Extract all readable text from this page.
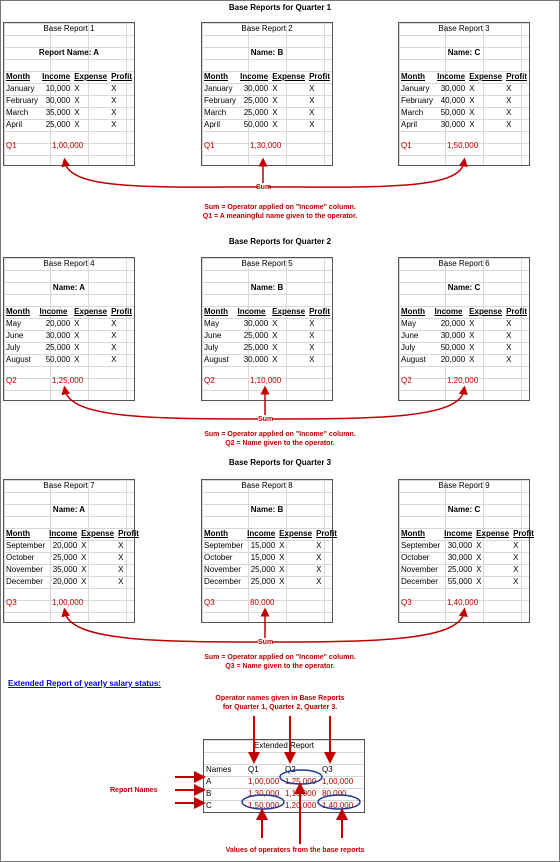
Base Reports for Quarter 1
Base Report 1
Report Name: A
Month	Income	Expense	Profit
January	10,000	X	X
February	30,000	X	X
March	35,000	X	X
April	25,000	X	X
Q1	1,00,000
Base Report 2
Name: B
Month	Income	Expense	Profit
January	30,000	X	X
February	25,000	X	X
March	25,000	X	X
April	50,000	X	X
Q1	1,30,000
Base Report 3
Name: C
Month	Income	Expense	Profit
January	30,000	X	X
February	40,000	X	X
March	50,000	X	X
April	30,000	X	X
Q1	1,50,000
Base Reports for Quarter 2
Base Report 4
Name: A
Month	Income	Expense	Profit
May	20,000	X	X
June	30,000	X	X
July	25,000	X	X
August	50,000	X	X
Q2	1,25,000
Base Report 5
Name: B
Month	Income	Expense	Profit
May	30,000	X	X
June	25,000	X	X
July	25,000	X	X
August	30,000	X	X
Q2	1,10,000
Base Report 6
Name: C
Month	Income	Expense	Profit
May	20,000	X	X
June	30,000	X	X
July	50,000	X	X
August	20,000	X	X
Q2	1,20,000
Base Reports for Quarter 3
Base Report 7
Name: A
Month	Income	Expense	Profit
September	20,000	X	X
October	25,000	X	X
November	35,000	X	X
December	20,000	X	X
Q3	1,00,000
Base Report 8
Name: B
Month	Income	Expense	Profit
September	15,000	X	X
October	15,000	X	X
November	25,000	X	X
December	25,000	X	X
Q3	80,000
Base Report 9
Name: C
Month	Income	Expense	Profit
September	30,000	X	X
October	30,000	X	X
November	25,000	X	X
December	55,000	X	X
Q3	1,40,000
Sum
Sum = Operator applied on "Income" column.
Q1 = A meaningful name given to the operator.
Sum
Sum = Operator applied on "Income" column.
Q2 = Name given to the operator.
Sum
Sum = Operator applied on "Income" column.
Q3 = Name given to the operator.
Extended Report of yearly salary status:
Operator names given in Base Reports
for Quarter 1, Quarter 2, Quarter 3.
Report Names
Values of operators from the base reports
Extended Report
Names	Q1	Q2	Q3
A	1,00,000	1,25,000	1,00,000
B	1,30,000	1,10,000	80,000
C	1,50,000	1,20,000	1,40,000
